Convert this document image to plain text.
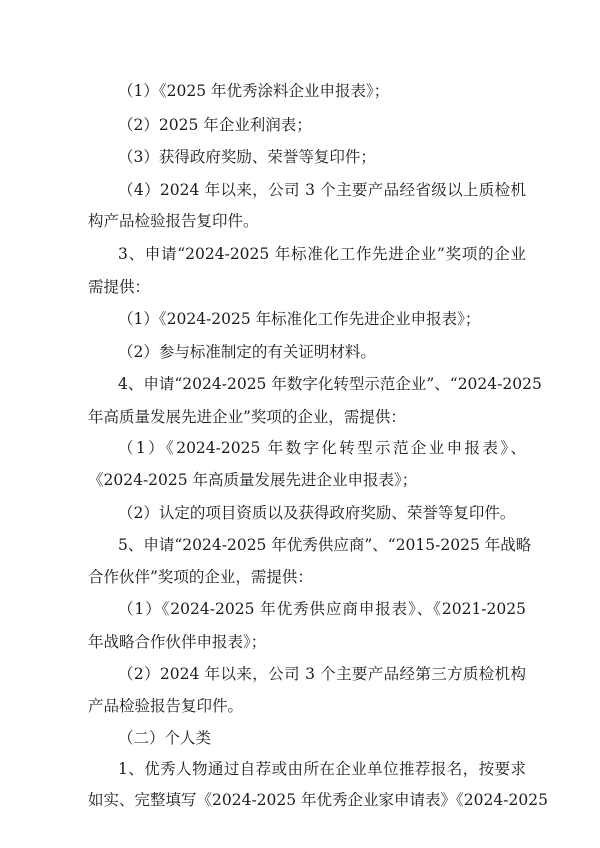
（1）《2025 年优秀涂料企业申报表》；
（2）2025 年企业利润表；
（3）获得政府奖励、荣誉等复印件；
（4）2024 年以来，公司 3 个主要产品经省级以上质检机
构产品检验报告复印件。
3、申请“2024-2025 年标准化工作先进企业”奖项的企业
需提供：
（1）《2024-2025 年标准化工作先进企业申报表》；
（2）参与标准制定的有关证明材料。
4、申请“2024-2025 年数字化转型示范企业”、“2024-2025
年高质量发展先进企业”奖项的企业，需提供：
（1）《2024-2025 年数字化转型示范企业申报表》、
《2024-2025 年高质量发展先进企业申报表》；
（2）认定的项目资质以及获得政府奖励、荣誉等复印件。
5、申请“2024-2025 年优秀供应商”、“2015-2025 年战略
合作伙伴”奖项的企业，需提供：
（1）《2024-2025 年优秀供应商申报表》、《2021-2025
年战略合作伙伴申报表》；
（2）2024 年以来，公司 3 个主要产品经第三方质检机构
产品检验报告复印件。
（二）个人类
1、优秀人物通过自荐或由所在企业单位推荐报名，按要求
如实、完整填写《2024-2025 年优秀企业家申请表》《2024-2025
